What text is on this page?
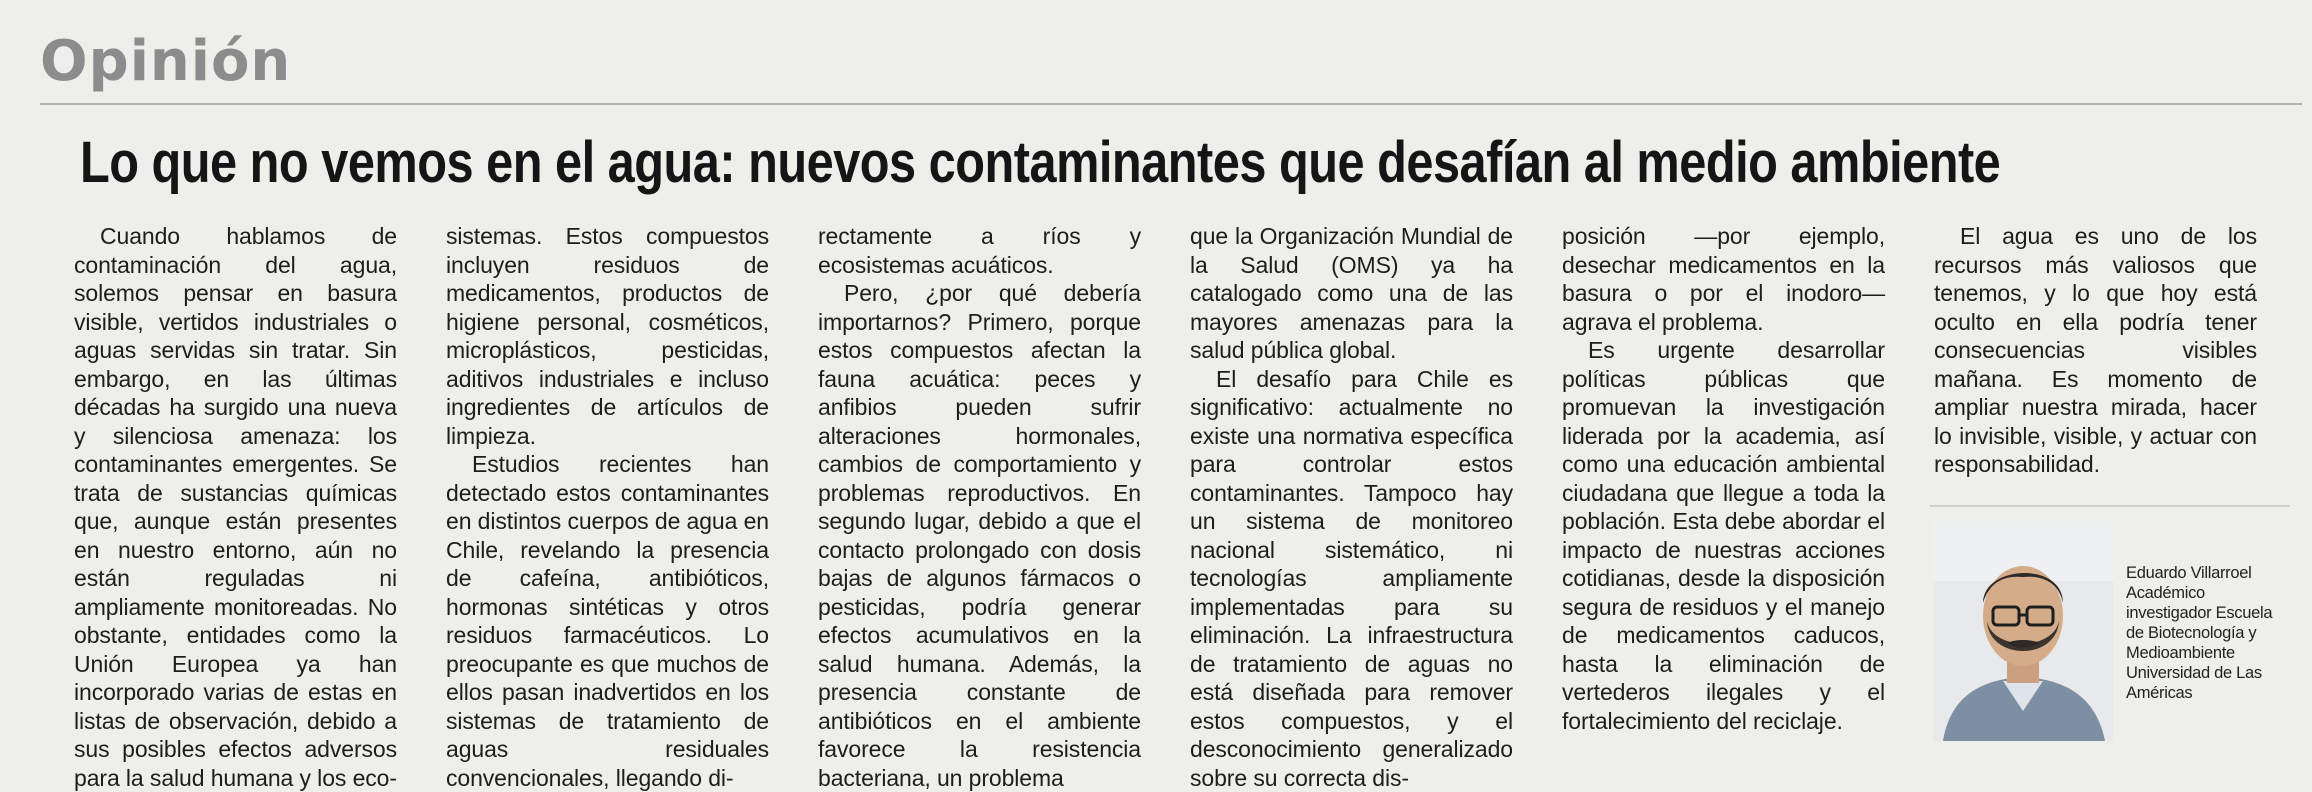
Opinión
Lo que no vemos en el agua: nuevos contaminantes que desafían al medio ambiente

Cuando hablamos de contaminación del agua, solemos pensar en basura visible, vertidos industriales o aguas servidas sin tratar. Sin embargo, en las últimas décadas ha surgido una nueva y silenciosa amenaza: los contaminantes emergentes. Se trata de sustancias químicas que, aunque están presentes en nuestro entorno, aún no están reguladas ni ampliamente monitoreadas. No obstante, entidades como la Unión Europea ya han incorporado varias de estas en listas de observación, debido a sus posibles efectos adversos para la salud humana y los eco-

sistemas. Estos compuestos incluyen residuos de medicamentos, productos de higiene personal, cosméticos, microplásticos, pesticidas, aditivos industriales e incluso ingredientes de artículos de limpieza.

Estudios recientes han detectado estos contaminantes en distintos cuerpos de agua en Chile, revelando la presencia de cafeína, antibióticos, hormonas sintéticas y otros residuos farmacéuticos. Lo preocupante es que muchos de ellos pasan inadvertidos en los sistemas de tratamiento de aguas residuales convencionales, llegando di-

rectamente a ríos y ecosistemas acuáticos.

Pero, ¿por qué debería importarnos? Primero, porque estos compuestos afectan la fauna acuática: peces y anfibios pueden sufrir alteraciones hormonales, cambios de comportamiento y problemas reproductivos. En segundo lugar, debido a que el contacto prolongado con dosis bajas de algunos fármacos o pesticidas, podría generar efectos acumulativos en la salud humana. Además, la presencia constante de antibióticos en el ambiente favorece la resistencia bacteriana, un problema

que la Organización Mundial de la Salud (OMS) ya ha catalogado como una de las mayores amenazas para la salud pública global.

El desafío para Chile es significativo: actualmente no existe una normativa específica para controlar estos contaminantes. Tampoco hay un sistema de monitoreo nacional sistemático, ni tecnologías ampliamente implementadas para su eliminación. La infraestructura de tratamiento de aguas no está diseñada para remover estos compuestos, y el desconocimiento generalizado sobre su correcta dis-

posición —por ejemplo, desechar medicamentos en la basura o por el inodoro— agrava el problema.

Es urgente desarrollar políticas públicas que promuevan la investigación liderada por la academia, así como una educación ambiental ciudadana que llegue a toda la población. Esta debe abordar el impacto de nuestras acciones cotidianas, desde la disposición segura de residuos y el manejo de medicamentos caducos, hasta la eliminación de vertederos ilegales y el fortalecimiento del reciclaje.

El agua es uno de los recursos más valiosos que tenemos, y lo que hoy está oculto en ella podría tener consecuencias visibles mañana. Es momento de ampliar nuestra mirada, hacer lo invisible, visible, y actuar con responsabilidad.

Eduardo Villarroel
Académico
investigador Escuela
de Biotecnología y
Medioambiente
Universidad de Las
Américas
